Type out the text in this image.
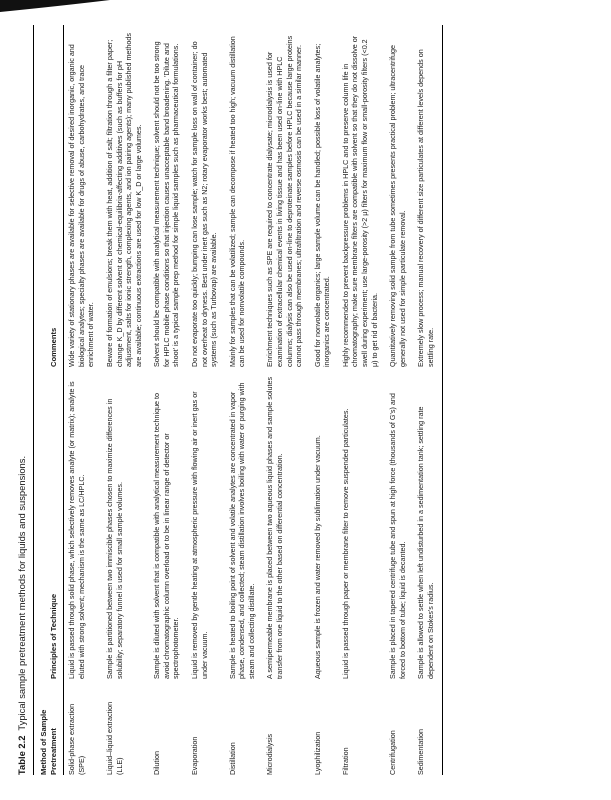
Table 2.2Typical sample pretreatment methods for liquids and suspensions.
Method of Sample Pretreatment	Principles of Technique	Comments
Solid-phase extraction (SPE)	Liquid is passed through solid phase, which selectively removes analyte (or matrix); analyte is eluted with strong solvent; mechanism is the same as LC/HPLC.	Wide variety of stationary phases are available for selective removal of desired inorganic, organic and biological analytes; specialty phases are available for drugs of abuse, carbohydrates, and trace enrichment of water.
Liquid–liquid extraction (LLE)	Sample is partitioned between two immiscible phases chosen to maximize differences in solubility; separatory funnel is used for small sample volumes.	Beware of formation of emulsions; break them with heat, addition of salt; filtration through a filter paper; change K_D by different solvent or chemical-equilibria-affecting additives (such as buffers for pH adjustment, salts for ionic strength, complexing agents, and ion pairing agents); many published methods are available; continuous extractions are used for low K_D or large volumes.
Dilution	Sample is diluted with solvent that is compatible with analytical measurement technique to avoid chromatographic column overload or to be in linear range of detector or spectrophotometer.	Solvent should be compatible with analytical measurement technique; solvent should not be too strong for HPLC mobile phase conditions so that injection causes unacceptable band broadening. 'Dilute and shoot' is a typical sample prep method for simple liquid samples such as pharmaceutical formulations.
Evaporation	Liquid is removed by gentle heating at atmospheric pressure with flowing air or inert gas or under vacuum.	Do not evaporate too quickly; bumping can lose sample; watch for sample loss on wall of container; do not overheat to dryness. Best under inert gas such as N2; rotary evaporator works best; automated systems (such as Turbovap) are available.
Distillation	Sample is heated to boiling point of solvent and volatile analytes are concentrated in vapor phase, condensed, and collected; steam distillation involves boiling with water or purging with steam and collecting distillate.	Mainly for samples that can be volatilized; sample can decompose if heated too high; vacuum distillation can be used for nonvolatile compounds.
Microdialysis	A semipermeable membrane is placed between two aqueous liquid phases and sample solutes transfer from one liquid to the other based on differential concentration.	Enrichment techniques such as SPE are required to concentrate dialysate; microdialysis is used for examination of extracellular chemical events in living tissue and has been used on-line with HPLC columns; dialysis can also be used on-line to deproteinate samples before HPLC because large proteins cannot pass through membranes; ultrafiltration and reverse osmosis can be used in a similar manner.
Lyophilization	Aqueous sample is frozen and water removed by sublimation under vacuum.	Good for nonvolatile organics; large sample volume can be handled; possible loss of volatile analytes; inorganics are concentrated.
Filtration	Liquid is passed through paper or membrane filter to remove suspended particulates.	Highly recommended to prevent backpressure problems in HPLC and to preserve column life in chromatography; make sure membrane filters are compatible with solvent so that they do not dissolve or swell during experiment; use large-porosity (>2 μ) filters for maximum flow or small-porosity filters (<0.2 μ) to get rid of bacteria.
Centrifugation	Sample is placed in tapered centrifuge tube and spun at high force (thousands of G's) and forced to bottom of tube; liquid is decanted.	Quantitatively removing solid sample from tube sometimes presents practical problem; ultracentrifuge generally not used for simple particulate removal.
Sedimentation	Sample is allowed to settle when left undisturbed in a sedimentation tank; settling rate dependent on Stokes's radius.	Extremely slow process; manual recovery of different size particulates at different levels depends on settling rate.
